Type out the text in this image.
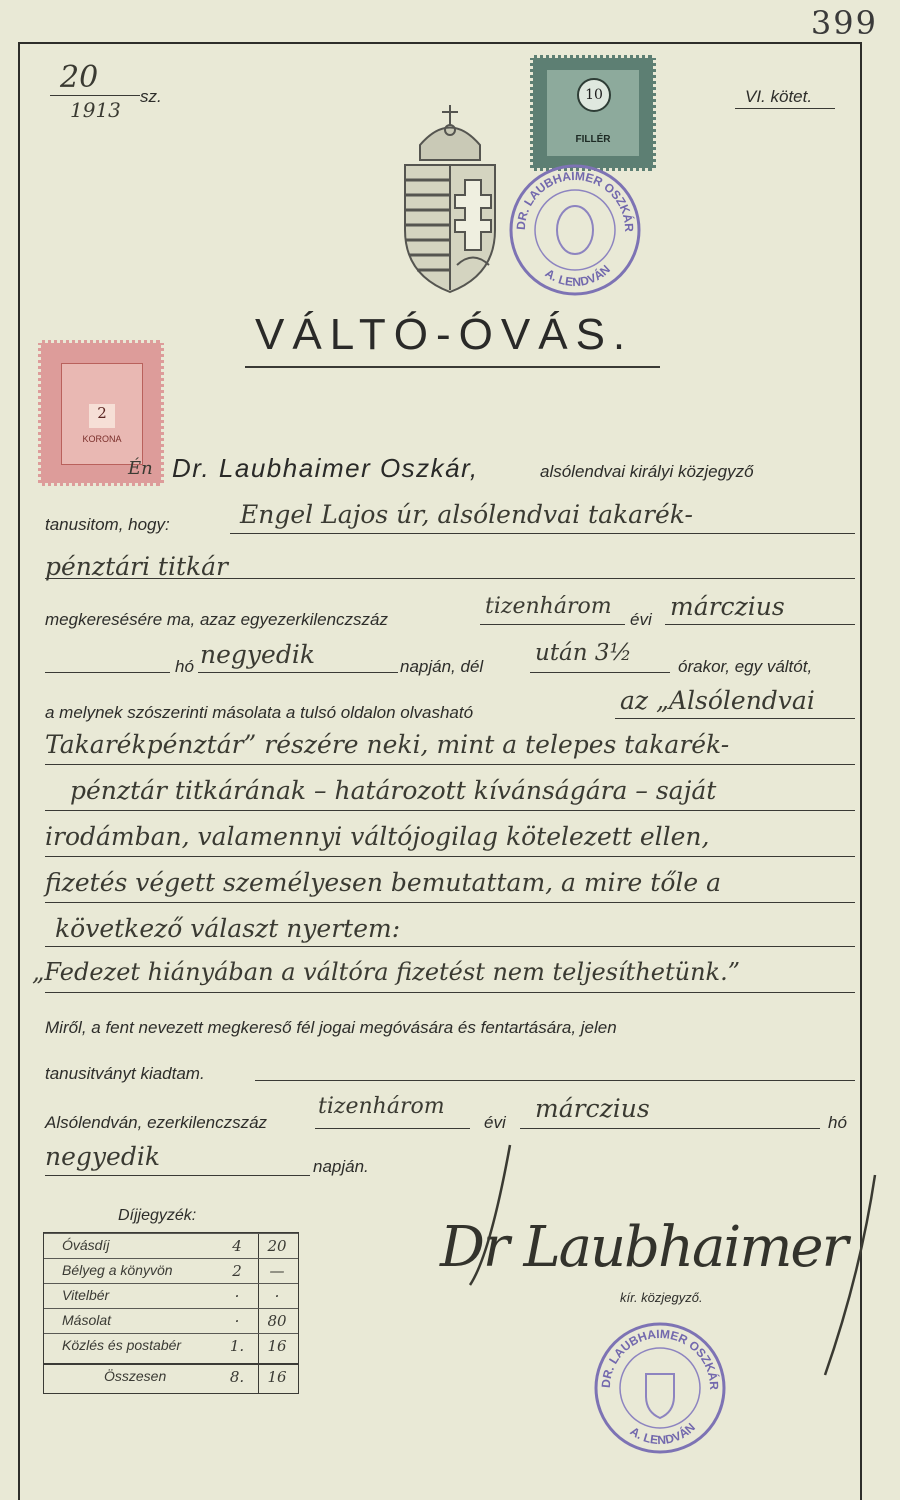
399
20
sz.
1913
VI. kötet.
10
FILLÉR
DR. LAUBHAIMER OSZKÁR
A. LENDVÁN
2
KORONA
VÁLTÓ-ÓVÁS.
Én Dr. Laubhaimer Oszkár,	alsólendvai királyi közjegyző
tanusitom, hogy:	Engel Lajos úr, alsólendvai takarék-
pénztári titkár
megkeresésére ma, azaz egyezerkilenczszáz
tizenhárom
évi márczius
hó negyedik	napján, dél
után 3½
órakor, egy váltót,
a melynek szószerinti másolata a tulsó oldalon olvasható	az „Alsólendvai
Takarékpénztár” részére neki, mint a telepes takarék-
pénztár titkárának – határozott kívánságára – saját
irodámban, valamennyi váltójogilag kötelezett ellen,
fizetés végett személyesen bemutattam, a mire tőle a
következő választ nyertem:
„Fedezet hiányában a váltóra fizetést nem teljesíthetünk.”
Miről, a fent nevezett megkereső fél jogai megóvására és fentartására, jelen
tanusitványt kiadtam.
Alsólendván, ezerkilenczszáz
tizenhárom
évi márczius	hó
negyedik	napján.
Dr Laubhaimer
kír. közjegyző.
DR. LAUBHAIMER OSZKÁR
A. LENDVÁN
Díjjegyzék:
Óvásdíj	4	20
Bélyeg a könyvön	2	—
Vitelbér	·	·
Másolat	·	80
Közlés és postabér	1.	16
Összesen	8.	16
